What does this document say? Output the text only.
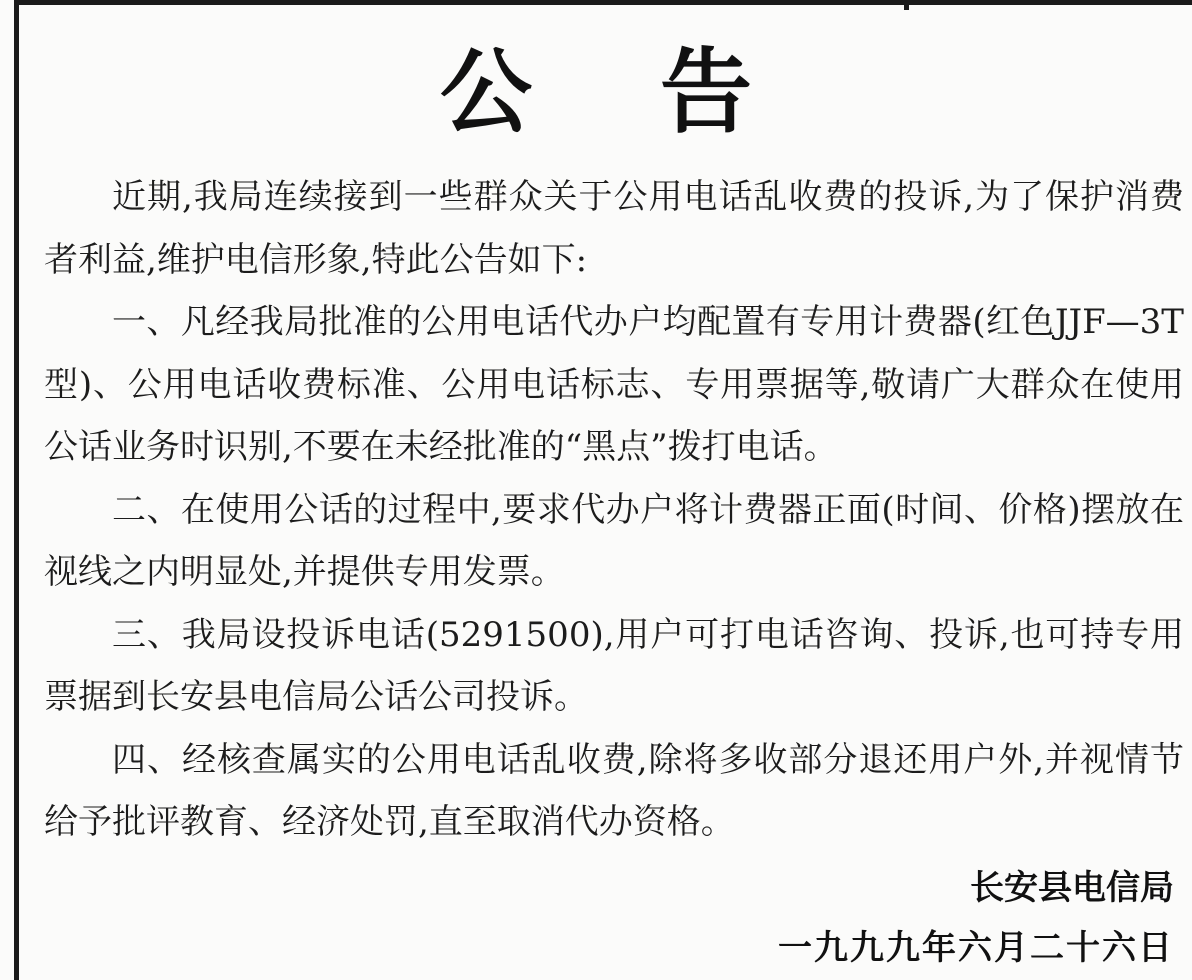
公 告

近期,我局连续接到一些群众关于公用电话乱收费的投诉,为了保护消费者利益,维护电信形象,特此公告如下:

一、凡经我局批准的公用电话代办户均配置有专用计费器(红色JJF—3T型)、公用电话收费标准、公用电话标志、专用票据等,敬请广大群众在使用公话业务时识别,不要在未经批准的“黑点”拨打电话。

二、在使用公话的过程中,要求代办户将计费器正面(时间、价格)摆放在视线之内明显处,并提供专用发票。

三、我局设投诉电话(5291500),用户可打电话咨询、投诉,也可持专用票据到长安县电信局公话公司投诉。

四、经核查属实的公用电话乱收费,除将多收部分退还用户外,并视情节给予批评教育、经济处罚,直至取消代办资格。

长安县电信局
一九九九年六月二十六日
